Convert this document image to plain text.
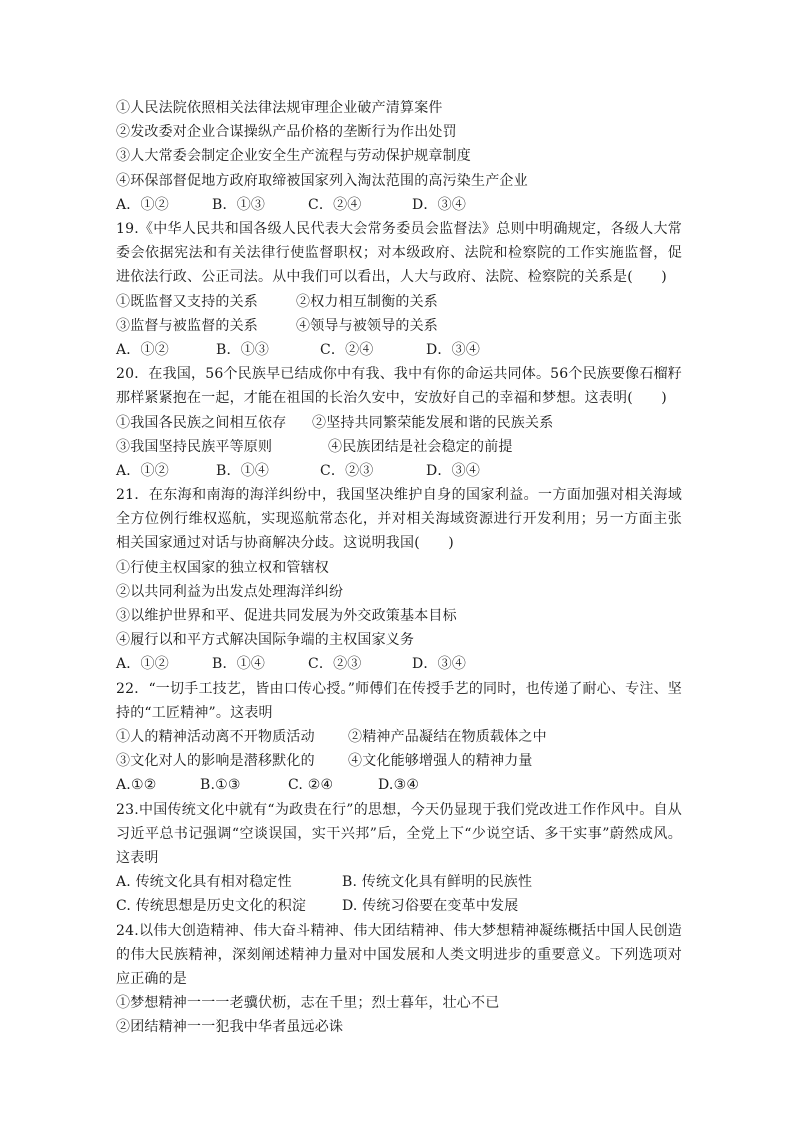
①人民法院依照相关法律法规审理企业破产清算案件
②发改委对企业合谋操纵产品价格的垄断行为作出处罚
③人大常委会制定企业安全生产流程与劳动保护规章制度
④环保部督促地方政府取缔被国家列入淘汰范围的高污染生产企业
A．①②	B．①③	C．②④	D．③④
19.《中华人民共和国各级人民代表大会常务委员会监督法》总则中明确规定，各级人大常委会依据宪法和有关法律行使监督职权；对本级政府、法院和检察院的工作实施监督，促进依法行政、公正司法。从中我们可以看出，人大与政府、法院、检察院的关系是(　　)
①既监督又支持的关系	②权力相互制衡的关系
③监督与被监督的关系	④领导与被领导的关系
A．①②	B．①③	C．②④	D．③④
20．在我国，56个民族早已结成你中有我、我中有你的命运共同体。56个民族要像石榴籽那样紧紧抱在一起，才能在祖国的长治久安中，安放好自己的幸福和梦想。这表明(　　)
①我国各民族之间相互依存	②坚持共同繁荣能发展和谐的民族关系
③我国坚持民族平等原则	④民族团结是社会稳定的前提
A．①②	B．①④	C．②③	D．③④
21．在东海和南海的海洋纠纷中，我国坚决维护自身的国家利益。一方面加强对相关海域全方位例行维权巡航，实现巡航常态化，并对相关海域资源进行开发利用；另一方面主张相关国家通过对话与协商解决分歧。这说明我国(　　)
①行使主权国家的独立权和管辖权
②以共同利益为出发点处理海洋纠纷
③以维护世界和平、促进共同发展为外交政策基本目标
④履行以和平方式解决国际争端的主权国家义务
A．①②	B．①④	C．②③	D．③④
22．“一切手工技艺，皆由口传心授。”师傅们在传授手艺的同时，也传递了耐心、专注、坚持的“工匠精神”。这表明
①人的精神活动离不开物质活动	②精神产品凝结在物质载体之中
③文化对人的影响是潜移默化的	④文化能够增强人的精神力量
A.①②	B.①③	C. ②④	D.③④
23.中国传统文化中就有“为政贵在行”的思想，今天仍显现于我们党改进工作作风中。自从习近平总书记强调“空谈误国，实干兴邦”后，全党上下“少说空话、多干实事”蔚然成风。这表明
A. 传统文化具有相对稳定性	B. 传统文化具有鲜明的民族性
C. 传统思想是历史文化的积淀	D. 传统习俗要在变革中发展
24.以伟大创造精神、伟大奋斗精神、伟大团结精神、伟大梦想精神凝练概括中国人民创造的伟大民族精神，深刻阐述精神力量对中国发展和人类文明进步的重要意义。下列选项对应正确的是
①梦想精神一一一老骥伏枥，志在千里；烈士暮年，壮心不已
②团结精神一一犯我中华者虽远必诛
